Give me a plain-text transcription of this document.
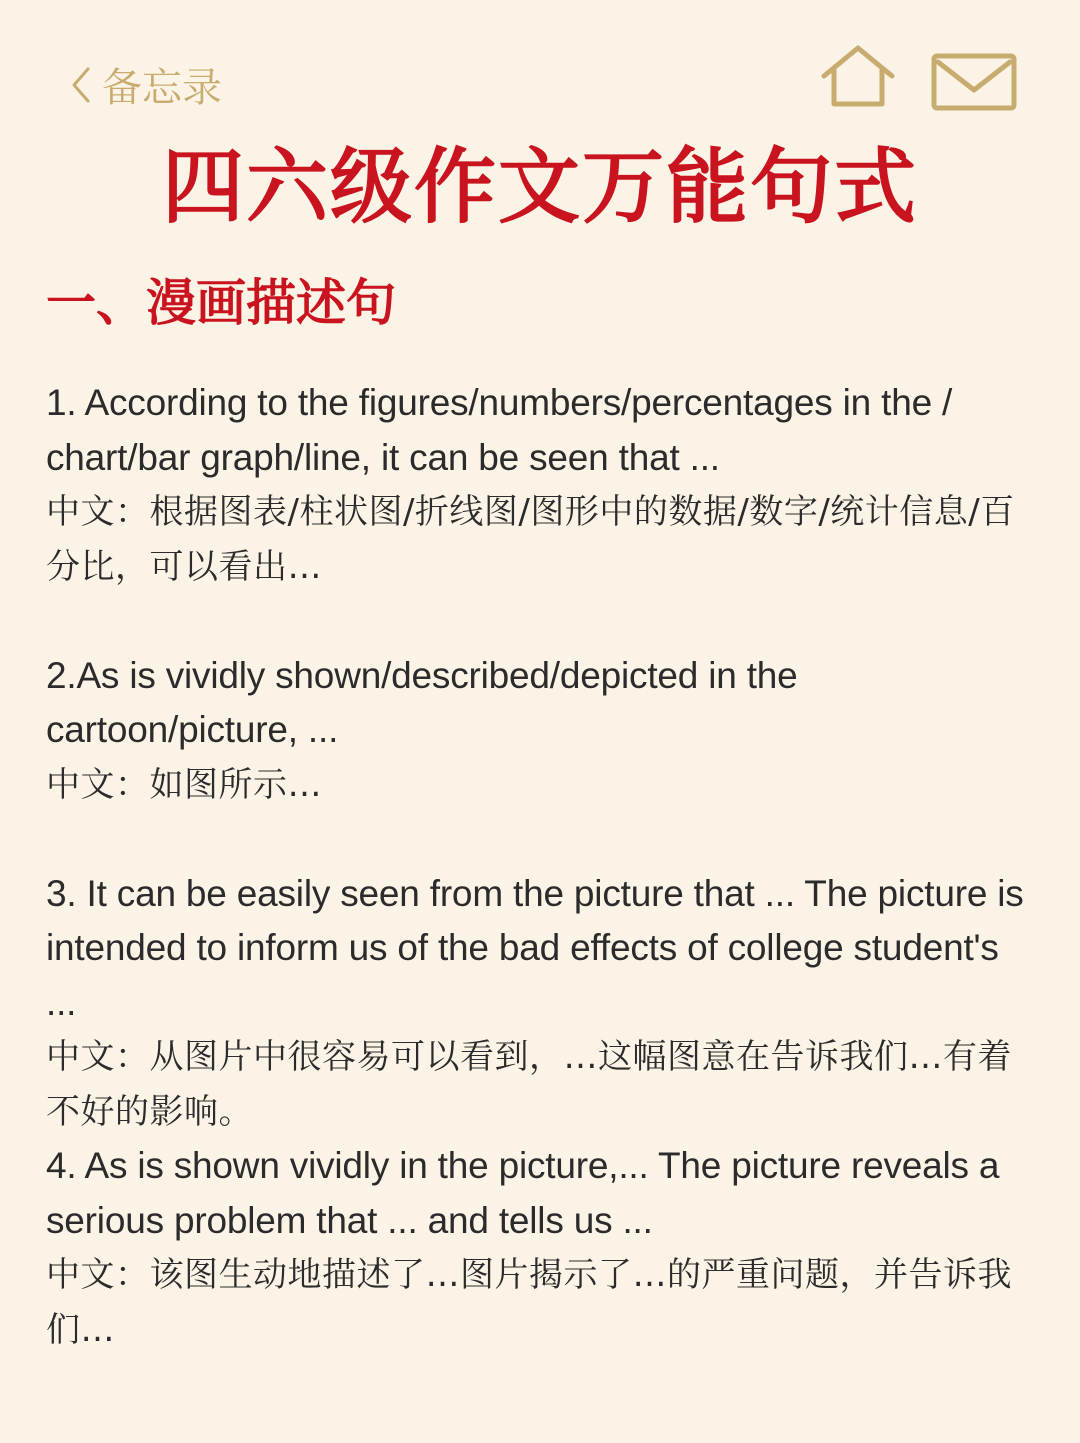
备忘录
四六级作文万能句式
一、漫画描述句

1. According to the figures/numbers/percentages in the / chart/bar graph/line, it can be seen that ...

中文：根据图表/柱状图/折线图/图形中的数据/数字/统计信息/百分比，可以看出…

2.As is vividly shown/described/depicted in the cartoon/picture, ...

中文：如图所示…

3. It can be easily seen from the picture that ... The picture is intended to inform us of the bad effects of college student's ...

中文：从图片中很容易可以看到，…这幅图意在告诉我们…有着不好的影响。

4. As is shown vividly in the picture,... The picture reveals a serious problem that ... and tells us ...

中文：该图生动地描述了…图片揭示了…的严重问题，并告诉我们…
